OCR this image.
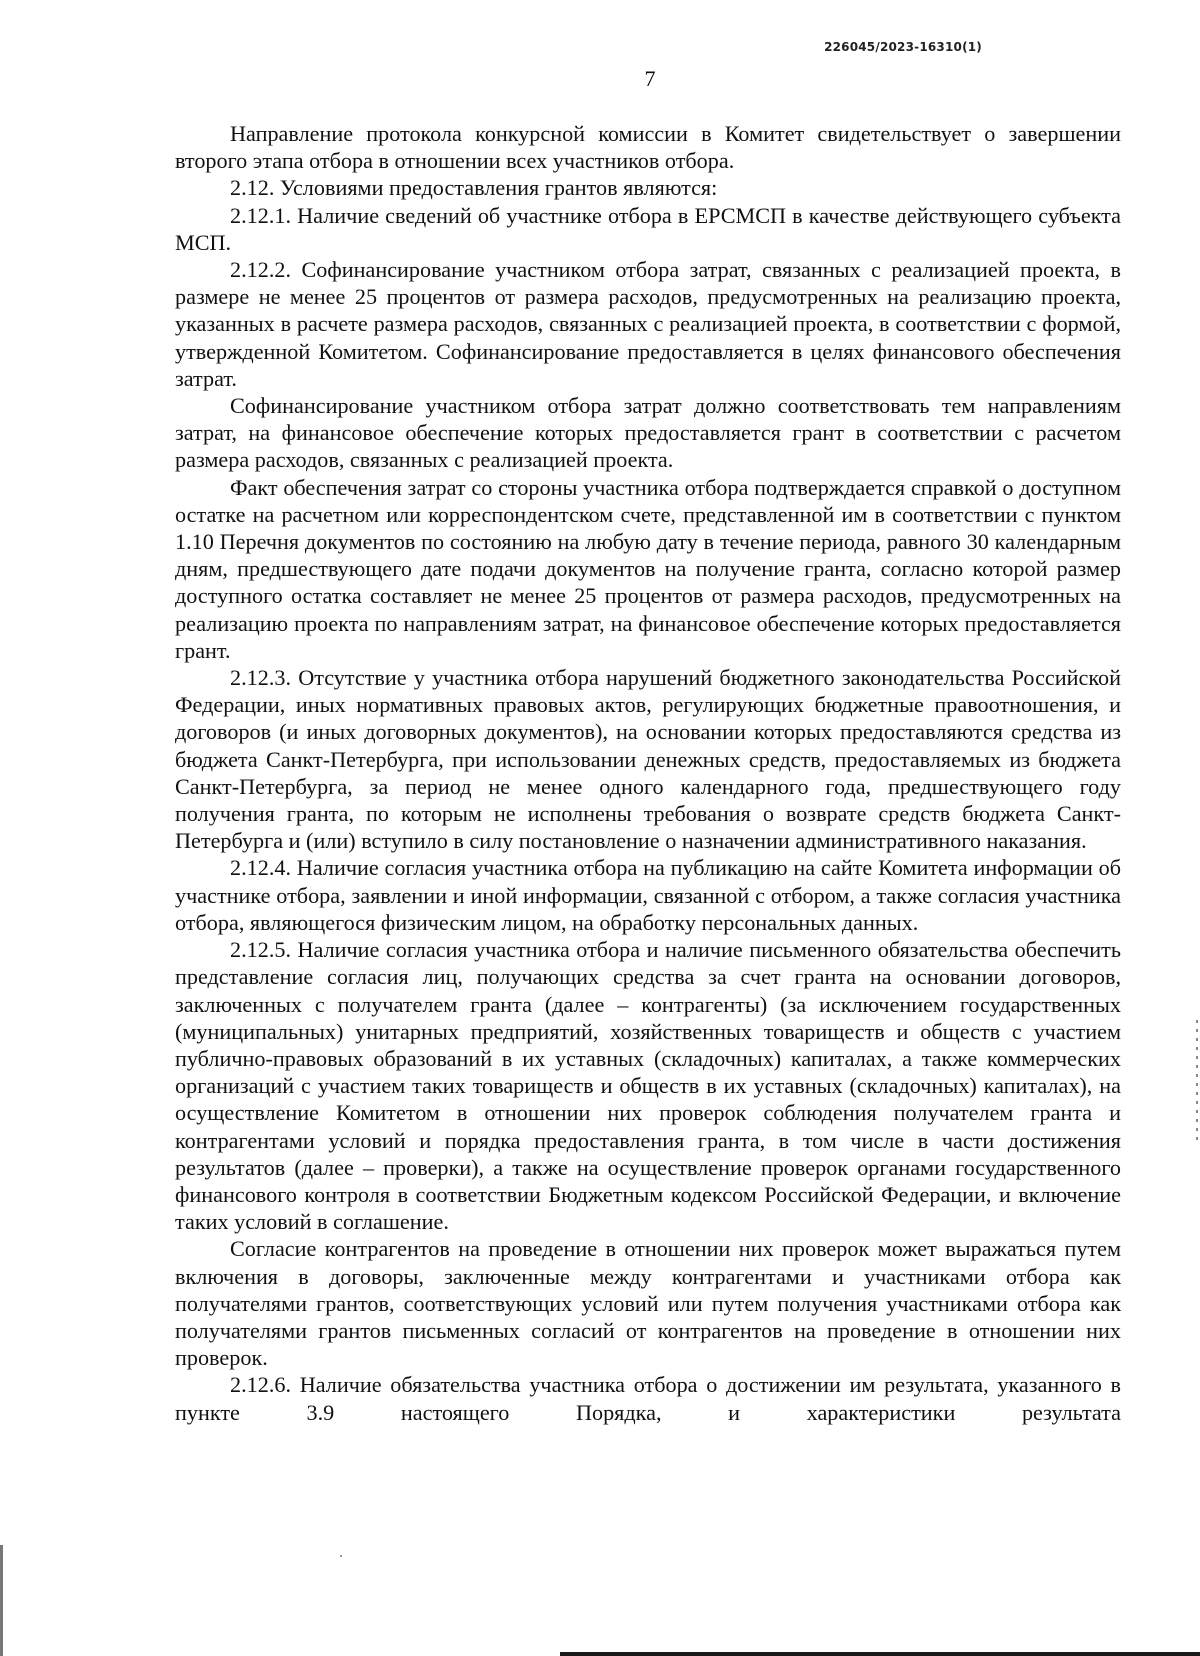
226045/2023-16310(1)
7

Направление протокола конкурсной комиссии в Комитет свидетельствует о завершении второго этапа отбора в отношении всех участников отбора.

2.12. Условиями предоставления грантов являются:

2.12.1. Наличие сведений об участнике отбора в ЕРСМСП в качестве действующего субъекта МСП.

2.12.2. Софинансирование участником отбора затрат, связанных с реализацией проекта, в размере не менее 25 процентов от размера расходов, предусмотренных на реализацию проекта, указанных в расчете размера расходов, связанных с реализацией проекта, в соответствии с формой, утвержденной Комитетом. Софинансирование предоставляется в целях финансового обеспечения затрат.

Софинансирование участником отбора затрат должно соответствовать тем направлениям затрат, на финансовое обеспечение которых предоставляется грант в соответствии с расчетом размера расходов, связанных с реализацией проекта.

Факт обеспечения затрат со стороны участника отбора подтверждается справкой о доступном остатке на расчетном или корреспондентском счете, представленной им в соответствии с пунктом 1.10 Перечня документов по состоянию на любую дату в течение периода, равного 30 календарным дням, предшествующего дате подачи документов на получение гранта, согласно которой размер доступного остатка составляет не менее 25 процентов от размера расходов, предусмотренных на реализацию проекта по направлениям затрат, на финансовое обеспечение которых предоставляется грант.

2.12.3. Отсутствие у участника отбора нарушений бюджетного законодательства Российской Федерации, иных нормативных правовых актов, регулирующих бюджетные правоотношения, и договоров (и иных договорных документов), на основании которых предоставляются средства из бюджета Санкт-Петербурга, при использовании денежных средств, предоставляемых из бюджета Санкт-Петербурга, за период не менее одного календарного года, предшествующего году получения гранта, по которым не исполнены требования о возврате средств бюджета Санкт-Петербурга и (или) вступило в силу постановление о назначении административного наказания.

2.12.4. Наличие согласия участника отбора на публикацию на сайте Комитета информации об участнике отбора, заявлении и иной информации, связанной с отбором, а также согласия участника отбора, являющегося физическим лицом, на обработку персональных данных.

2.12.5. Наличие согласия участника отбора и наличие письменного обязательства обеспечить представление согласия лиц, получающих средства за счет гранта на основании договоров, заключенных с получателем гранта (далее – контрагенты) (за исключением государственных (муниципальных) унитарных предприятий, хозяйственных товариществ и обществ с участием публично-правовых образований в их уставных (складочных) капиталах, а также коммерческих организаций с участием таких товариществ и обществ в их уставных (складочных) капиталах), на осуществление Комитетом в отношении них проверок соблюдения получателем гранта и контрагентами условий и порядка предоставления гранта, в том числе в части достижения результатов (далее – проверки), а также на осуществление проверок органами государственного финансового контроля в соответствии Бюджетным кодексом Российской Федерации, и включение таких условий в соглашение.

Согласие контрагентов на проведение в отношении них проверок может выражаться путем включения в договоры, заключенные между контрагентами и участниками отбора как получателями грантов, соответствующих условий или путем получения участниками отбора как получателями грантов письменных согласий от контрагентов на проведение в отношении них проверок.

2.12.6. Наличие обязательства участника отбора о достижении им результата, указанного в пункте 3.9 настоящего Порядка, и характеристики результата
